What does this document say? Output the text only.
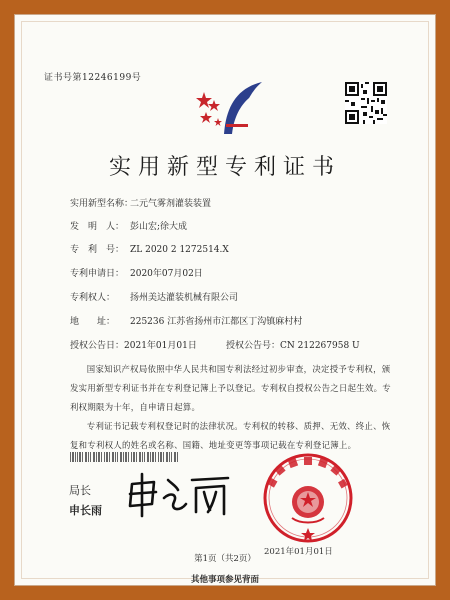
证书号第12246199号
实用新型专利证书
实用新型名称：二元气雾剂灌装装置
发　明　人： 彭山宏;徐大成
专　利　号： ZL 2020 2 1272514.X
专利申请日： 2020年07月02日
专利权人： 扬州美达灌装机械有限公司
地　　址： 225236 江苏省扬州市江都区丁沟镇麻村村
授权公告日：2021年01月01日	授权公告号：CN 212267958 U
国家知识产权局依照中华人民共和国专利法经过初步审查，决定授予专利权，颁发实用新型专利证书并在专利登记簿上予以登记。专利权自授权公告之日起生效。专利权期限为十年，自申请日起算。
专利证书记载专利权登记时的法律状况。专利权的转移、质押、无效、终止、恢复和专利权人的姓名或名称、国籍、地址变更等事项记载在专利登记簿上。
局长
申长雨
2021年01月01日
第1页（共2页）
其他事项参见背面
